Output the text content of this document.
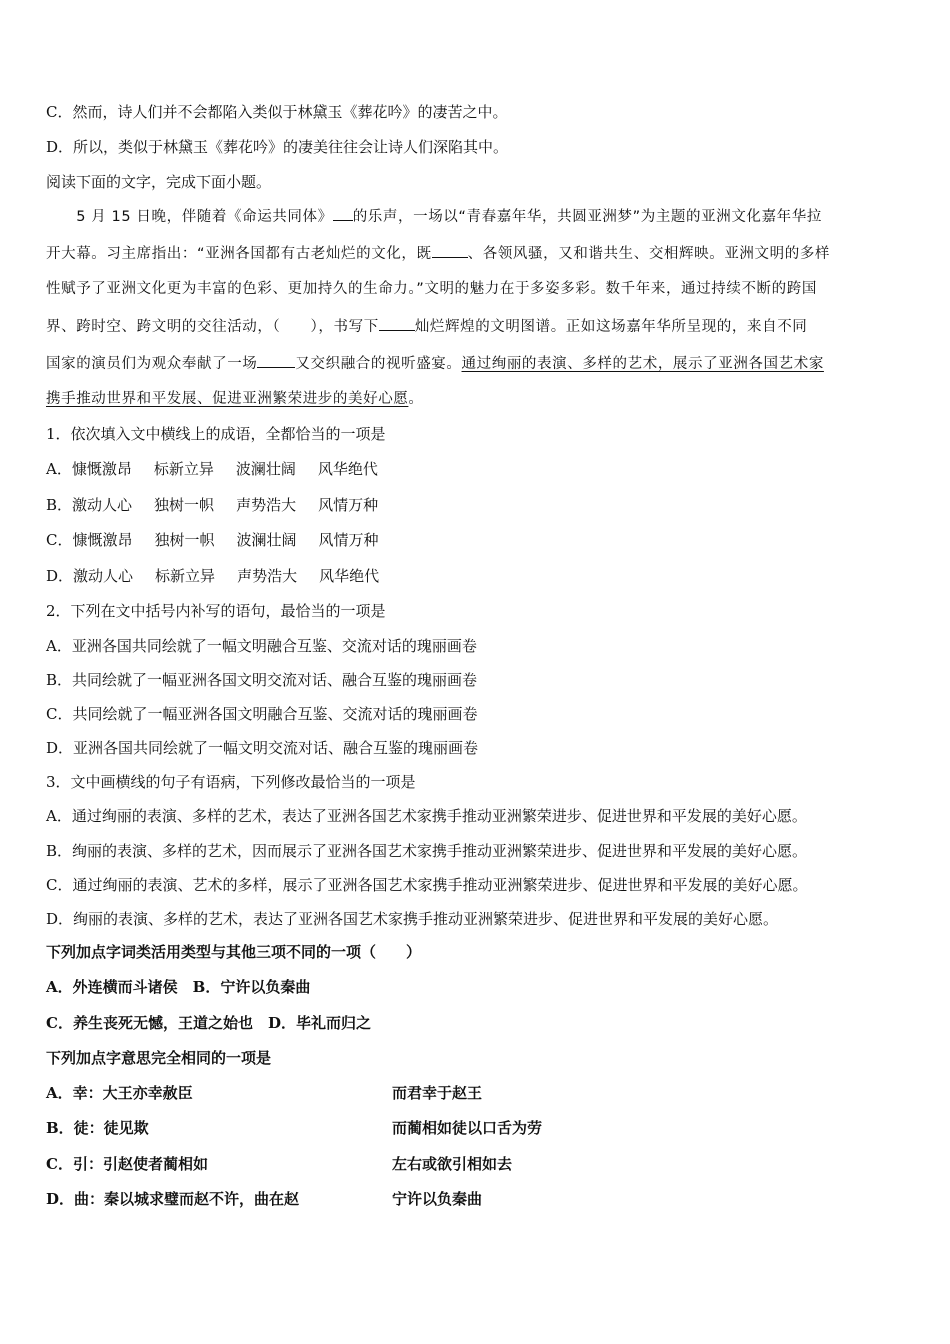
C．然而，诗人们并不会都陷入类似于林黛玉《葬花吟》的凄苦之中。
D．所以，类似于林黛玉《葬花吟》的凄美往往会让诗人们深陷其中。
阅读下面的文字，完成下面小题。
　　5 月 15 日晚，伴随着《命运共同体》 的乐声，一场以“青春嘉年华，共圆亚洲梦”为主题的亚洲文化嘉年华拉
开大幕。习主席指出：“亚洲各国都有古老灿烂的文化，既 、各领风骚，又和谐共生、交相辉映。亚洲文明的多样
性赋予了亚洲文化更为丰富的色彩、更加持久的生命力。”文明的魅力在于多姿多彩。数千年来，通过持续不断的跨国
界、跨时空、跨文明的交往活动，（　　），书写下 灿烂辉煌的文明图谱。正如这场嘉年华所呈现的，来自不同
国家的演员们为观众奉献了一场	又交织融合的视听盛宴。通过绚丽的表演、多样的艺术，展示了亚洲各国艺术家
携手推动世界和平发展、促进亚洲繁荣进步的美好心愿。
1．依次填入文中横线上的成语，全都恰当的一项是
A．慷慨激昂 标新立异 波澜壮阔 风华绝代
B．激动人心 独树一帜 声势浩大 风情万种
C．慷慨激昂 独树一帜 波澜壮阔 风情万种
D．激动人心 标新立异 声势浩大 风华绝代
2．下列在文中括号内补写的语句，最恰当的一项是
A．亚洲各国共同绘就了一幅文明融合互鉴、交流对话的瑰丽画卷
B．共同绘就了一幅亚洲各国文明交流对话、融合互鉴的瑰丽画卷
C．共同绘就了一幅亚洲各国文明融合互鉴、交流对话的瑰丽画卷
D．亚洲各国共同绘就了一幅文明交流对话、融合互鉴的瑰丽画卷
3．文中画横线的句子有语病，下列修改最恰当的一项是
A．通过绚丽的表演、多样的艺术，表达了亚洲各国艺术家携手推动亚洲繁荣进步、促进世界和平发展的美好心愿。
B．绚丽的表演、多样的艺术，因而展示了亚洲各国艺术家携手推动亚洲繁荣进步、促进世界和平发展的美好心愿。
C．通过绚丽的表演、艺术的多样，展示了亚洲各国艺术家携手推动亚洲繁荣进步、促进世界和平发展的美好心愿。
D．绚丽的表演、多样的艺术，表达了亚洲各国艺术家携手推动亚洲繁荣进步、促进世界和平发展的美好心愿。
下列加点字词类活用类型与其他三项不同的一项（　　）
A．外连横而斗诸侯　B．宁许以负秦曲
C．养生丧死无憾，王道之始也　D．毕礼而归之
下列加点字意思完全相同的一项是
A．幸：大王亦幸赦臣	而君幸于赵王
B．徒：徒见欺	而蔺相如徒以口舌为劳
C．引：引赵使者蔺相如	左右或欲引相如去
D．曲：秦以城求璧而赵不许，曲在赵	宁许以负秦曲
